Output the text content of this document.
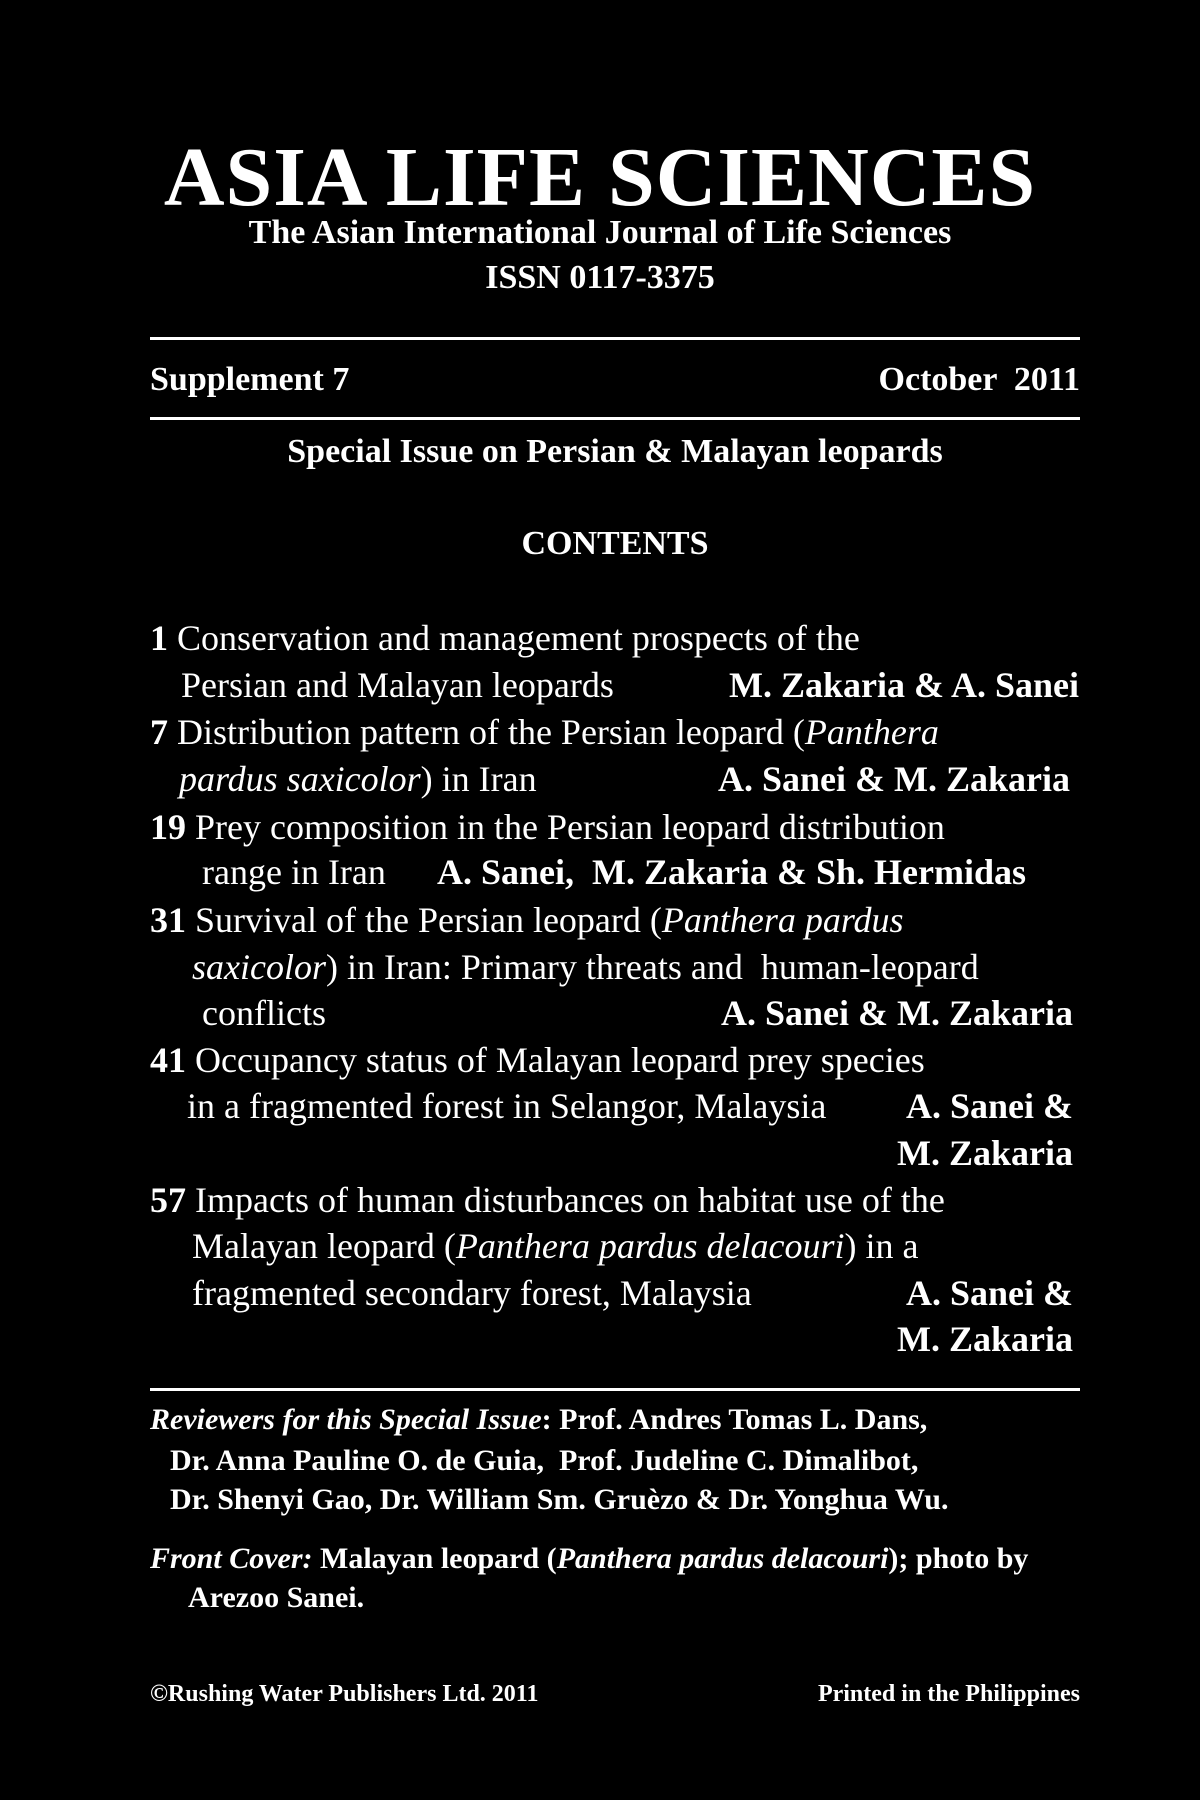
ASIA LIFE SCIENCES
The Asian International Journal of Life Sciences
ISSN 0117-3375
Supplement 7	October  2011
Special Issue on Persian & Malayan leopards
CONTENTS
1 Conservation and management prospects of the
Persian and Malayan leopards	M. Zakaria & A. Sanei
7 Distribution pattern of the Persian leopard (Panthera
pardus saxicolor) in Iran	A. Sanei & M. Zakaria
19 Prey composition in the Persian leopard distribution
range in Iran A. Sanei,  M. Zakaria & Sh. Hermidas
31 Survival of the Persian leopard (Panthera pardus
saxicolor) in Iran: Primary threats and  human-leopard
conflicts	A. Sanei & M. Zakaria
41 Occupancy status of Malayan leopard prey species
in a fragmented forest in Selangor, Malaysia A. Sanei &
M. Zakaria
57 Impacts of human disturbances on habitat use of the
Malayan leopard (Panthera pardus delacouri) in a
fragmented secondary forest, Malaysia	A. Sanei &
M. Zakaria
Reviewers for this Special Issue: Prof. Andres Tomas L. Dans,
Dr. Anna Pauline O. de Guia,  Prof. Judeline C. Dimalibot,
Dr. Shenyi Gao, Dr. William Sm. Gruèzo & Dr. Yonghua Wu.
Front Cover: Malayan leopard (Panthera pardus delacouri); photo by
Arezoo Sanei.
©Rushing Water Publishers Ltd. 2011	Printed in the Philippines
